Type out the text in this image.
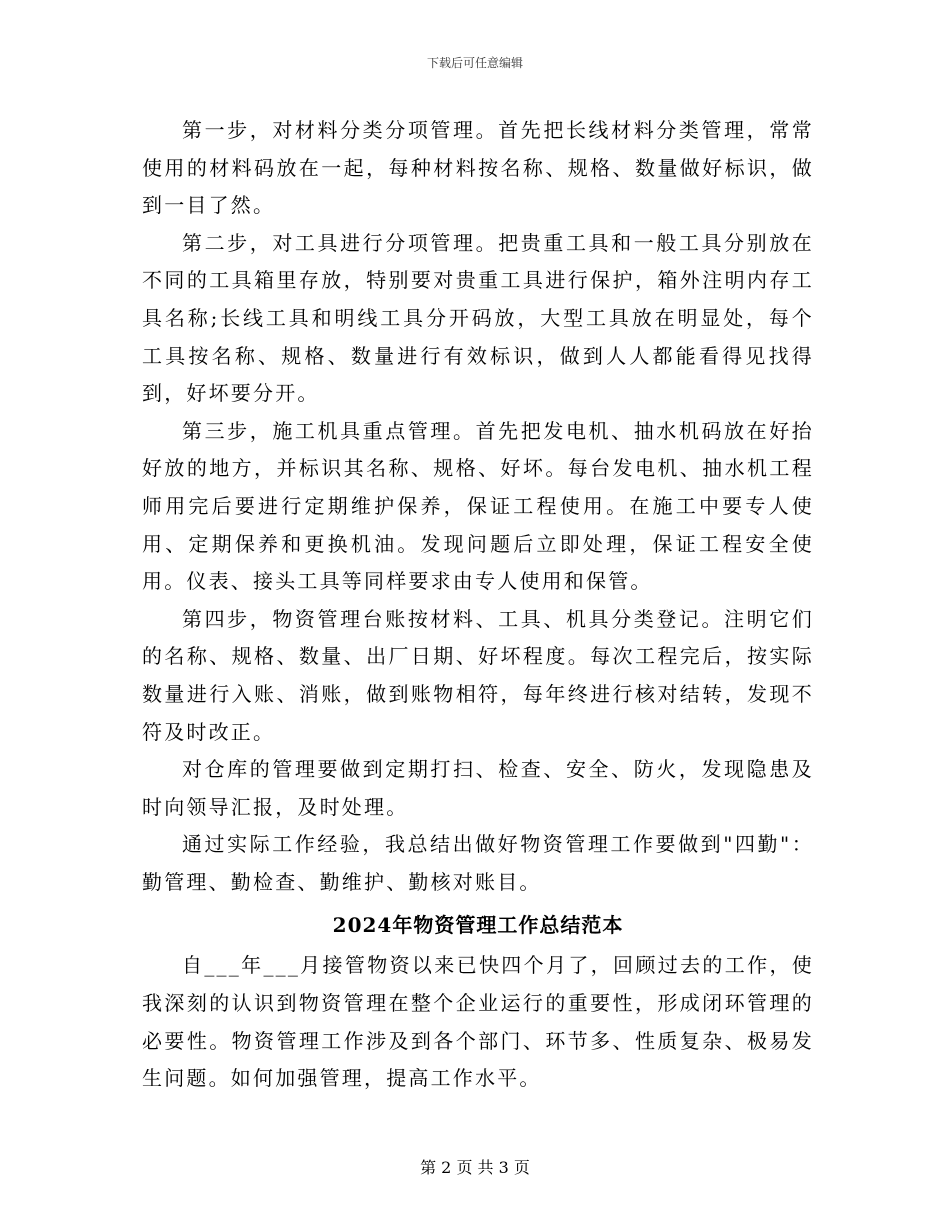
下载后可任意编辑

第一步，对材料分类分项管理。首先把长线材料分类管理，常常使用的材料码放在一起，每种材料按名称、规格、数量做好标识，做到一目了然。

第二步，对工具进行分项管理。把贵重工具和一般工具分别放在不同的工具箱里存放，特别要对贵重工具进行保护，箱外注明内存工具名称;长线工具和明线工具分开码放，大型工具放在明显处，每个工具按名称、规格、数量进行有效标识，做到人人都能看得见找得到，好坏要分开。

第三步，施工机具重点管理。首先把发电机、抽水机码放在好抬好放的地方，并标识其名称、规格、好坏。每台发电机、抽水机工程师用完后要进行定期维护保养，保证工程使用。在施工中要专人使用、定期保养和更换机油。发现问题后立即处理，保证工程安全使用。仪表、接头工具等同样要求由专人使用和保管。

第四步，物资管理台账按材料、工具、机具分类登记。注明它们的名称、规格、数量、出厂日期、好坏程度。每次工程完后，按实际数量进行入账、消账，做到账物相符，每年终进行核对结转，发现不符及时改正。

对仓库的管理要做到定期打扫、检查、安全、防火，发现隐患及时向领导汇报，及时处理。

通过实际工作经验，我总结出做好物资管理工作要做到"四勤"：勤管理、勤检查、勤维护、勤核对账目。

2024年物资管理工作总结范本

自___年___月接管物资以来已快四个月了，回顾过去的工作，使我深刻的认识到物资管理在整个企业运行的重要性，形成闭环管理的必要性。物资管理工作涉及到各个部门、环节多、性质复杂、极易发生问题。如何加强管理，提高工作水平。

第 2 页 共 3 页
